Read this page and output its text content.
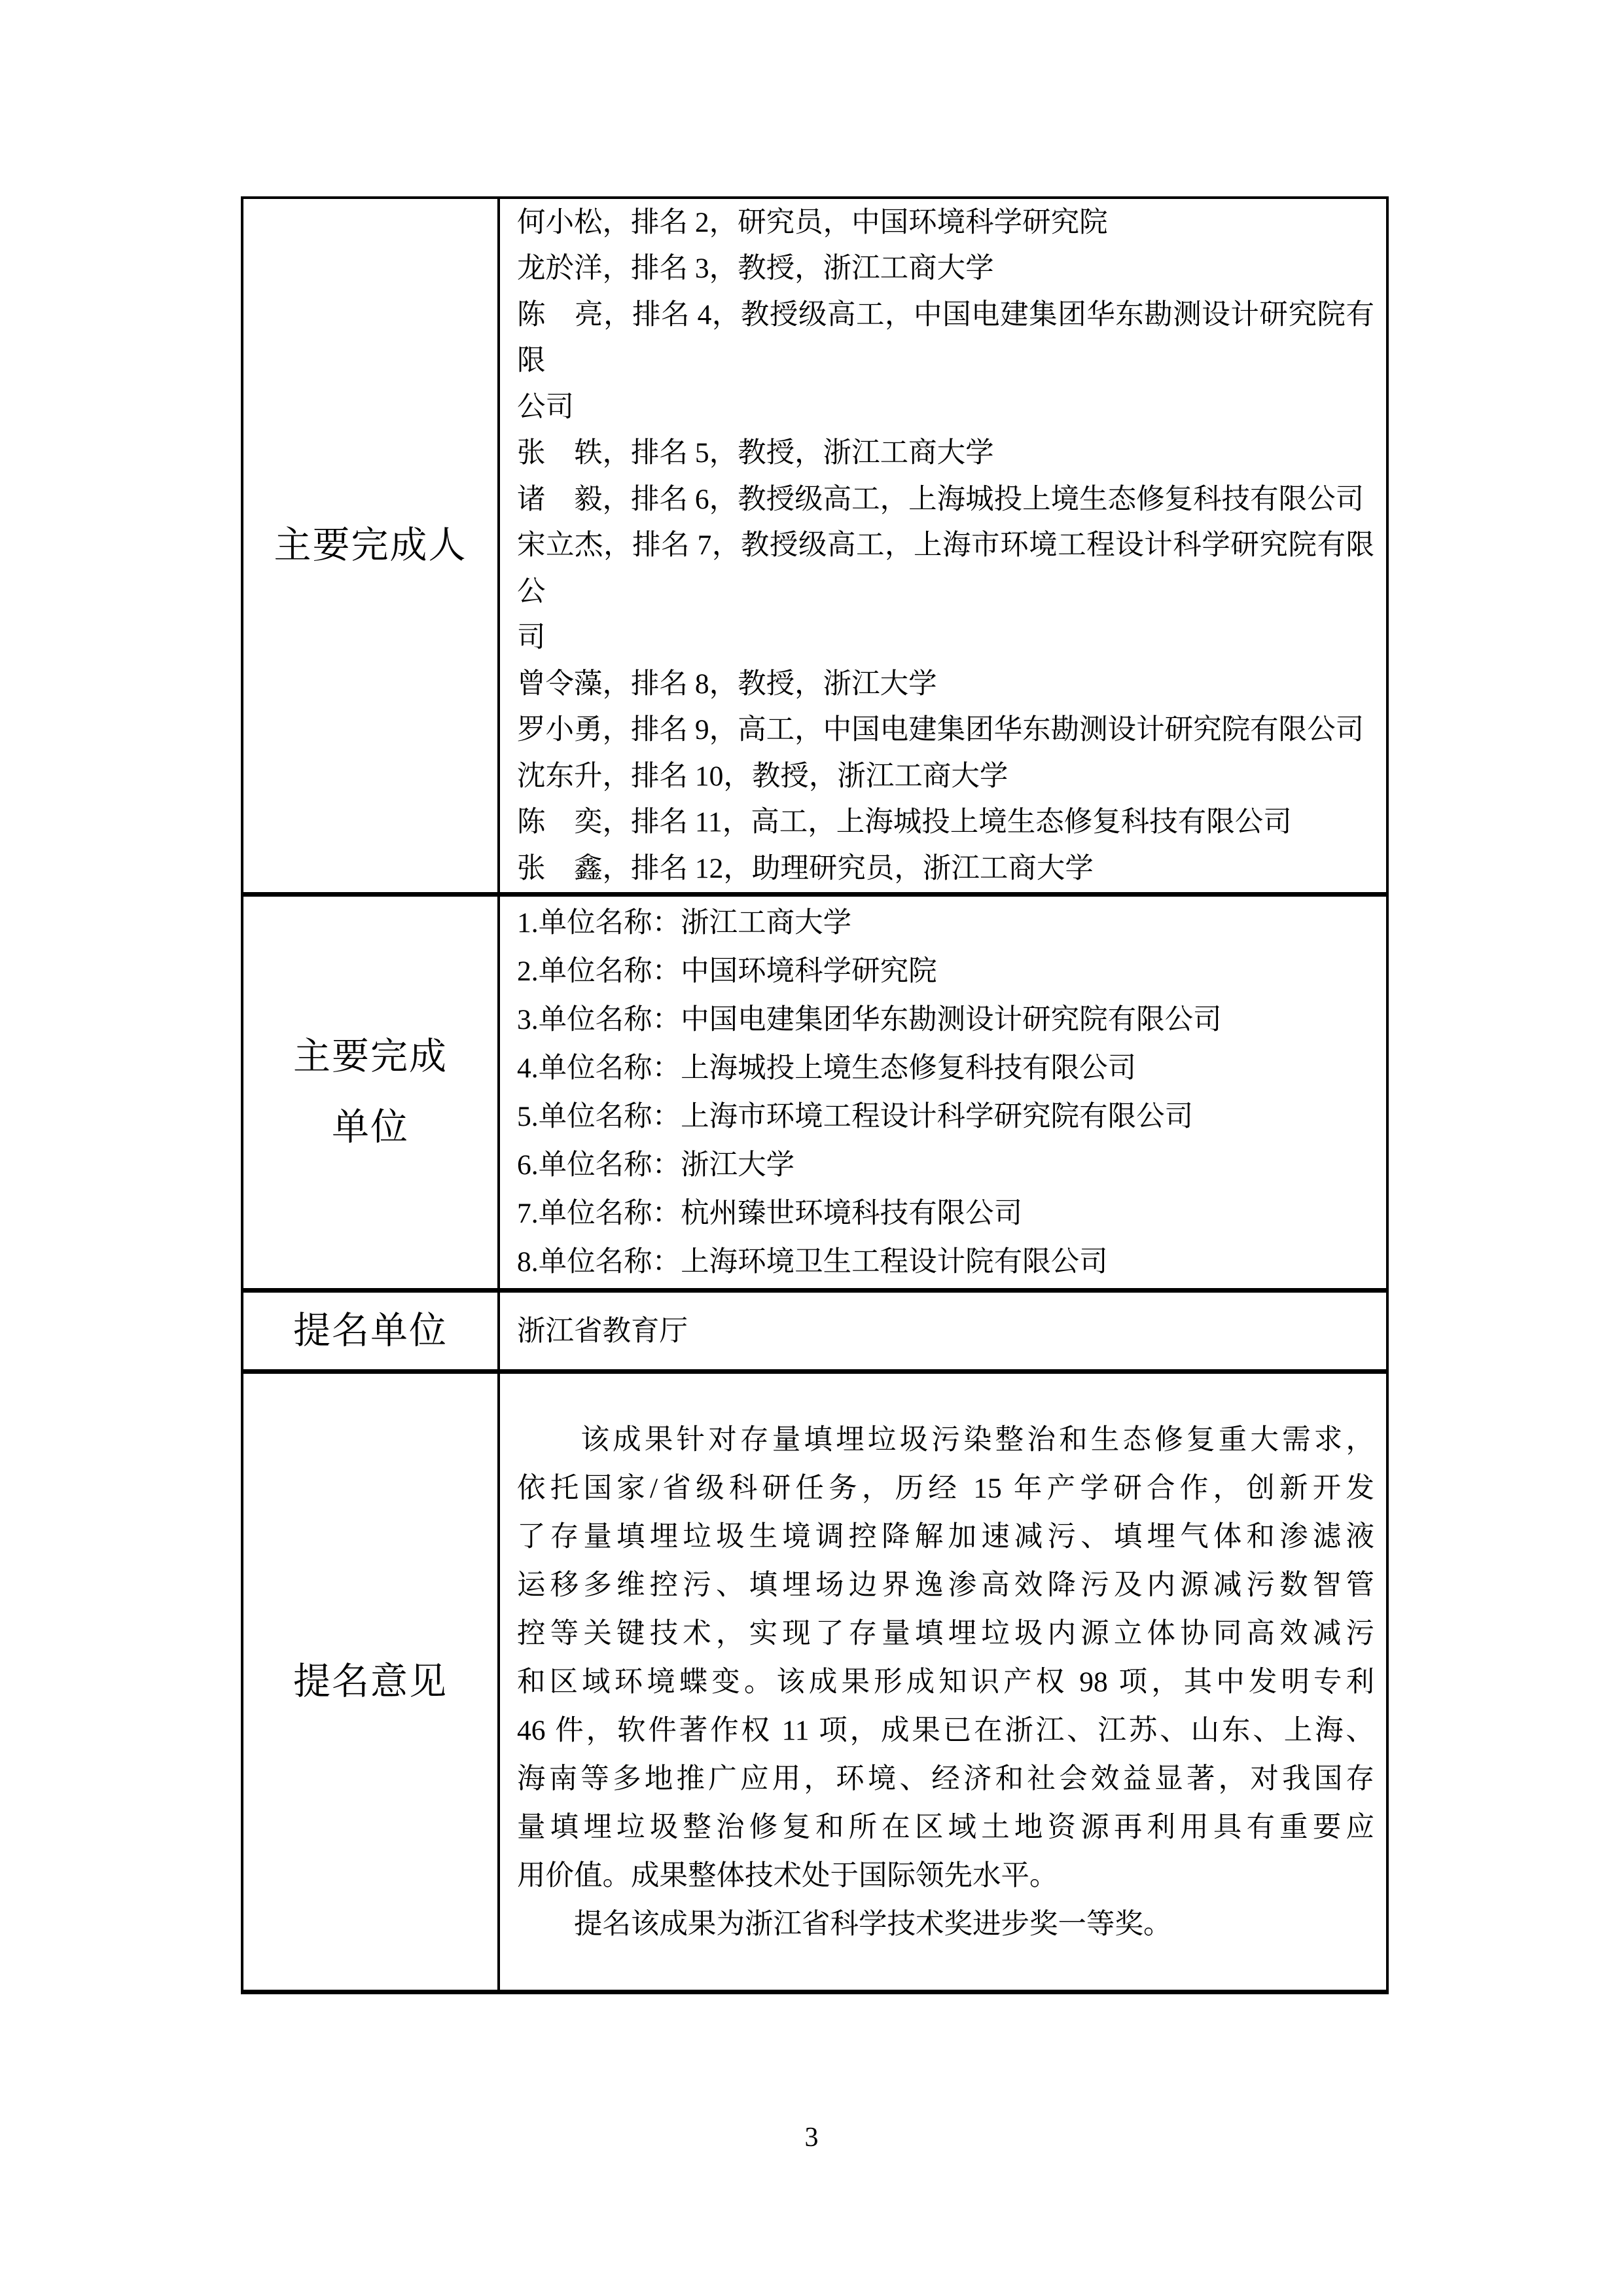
主要完成人
何小松，排名 2，研究员，中国环境科学研究院
龙於洋，排名 3，教授，浙江工商大学
陈　亮，排名 4，教授级高工，中国电建集团华东勘测设计研究院有限
公司
张　轶，排名 5，教授，浙江工商大学
诸　毅，排名 6，教授级高工，上海城投上境生态修复科技有限公司
宋立杰，排名 7，教授级高工，上海市环境工程设计科学研究院有限公
司
曾令藻，排名 8，教授，浙江大学
罗小勇，排名 9，高工，中国电建集团华东勘测设计研究院有限公司
沈东升，排名 10，教授，浙江工商大学
陈　奕，排名 11，高工，上海城投上境生态修复科技有限公司
张　鑫，排名 12，助理研究员，浙江工商大学
主要完成
单位
1.单位名称：浙江工商大学
2.单位名称：中国环境科学研究院
3.单位名称：中国电建集团华东勘测设计研究院有限公司
4.单位名称：上海城投上境生态修复科技有限公司
5.单位名称：上海市环境工程设计科学研究院有限公司
6.单位名称：浙江大学
7.单位名称：杭州臻世环境科技有限公司
8.单位名称：上海环境卫生工程设计院有限公司
提名单位 浙江省教育厅
提名意见
　　该成果针对存量填埋垃圾污染整治和生态修复重大需求，
依托国家/省级科研任务，历经 15 年产学研合作，创新开发
了存量填埋垃圾生境调控降解加速减污、填埋气体和渗滤液
运移多维控污、填埋场边界逸渗高效降污及内源减污数智管
控等关键技术，实现了存量填埋垃圾内源立体协同高效减污
和区域环境蝶变。该成果形成知识产权 98 项，其中发明专利
46 件，软件著作权 11 项，成果已在浙江、江苏、山东、上海、
海南等多地推广应用，环境、经济和社会效益显著，对我国存
量填埋垃圾整治修复和所在区域土地资源再利用具有重要应
用价值。成果整体技术处于国际领先水平。
　　提名该成果为浙江省科学技术奖进步奖一等奖。
3
